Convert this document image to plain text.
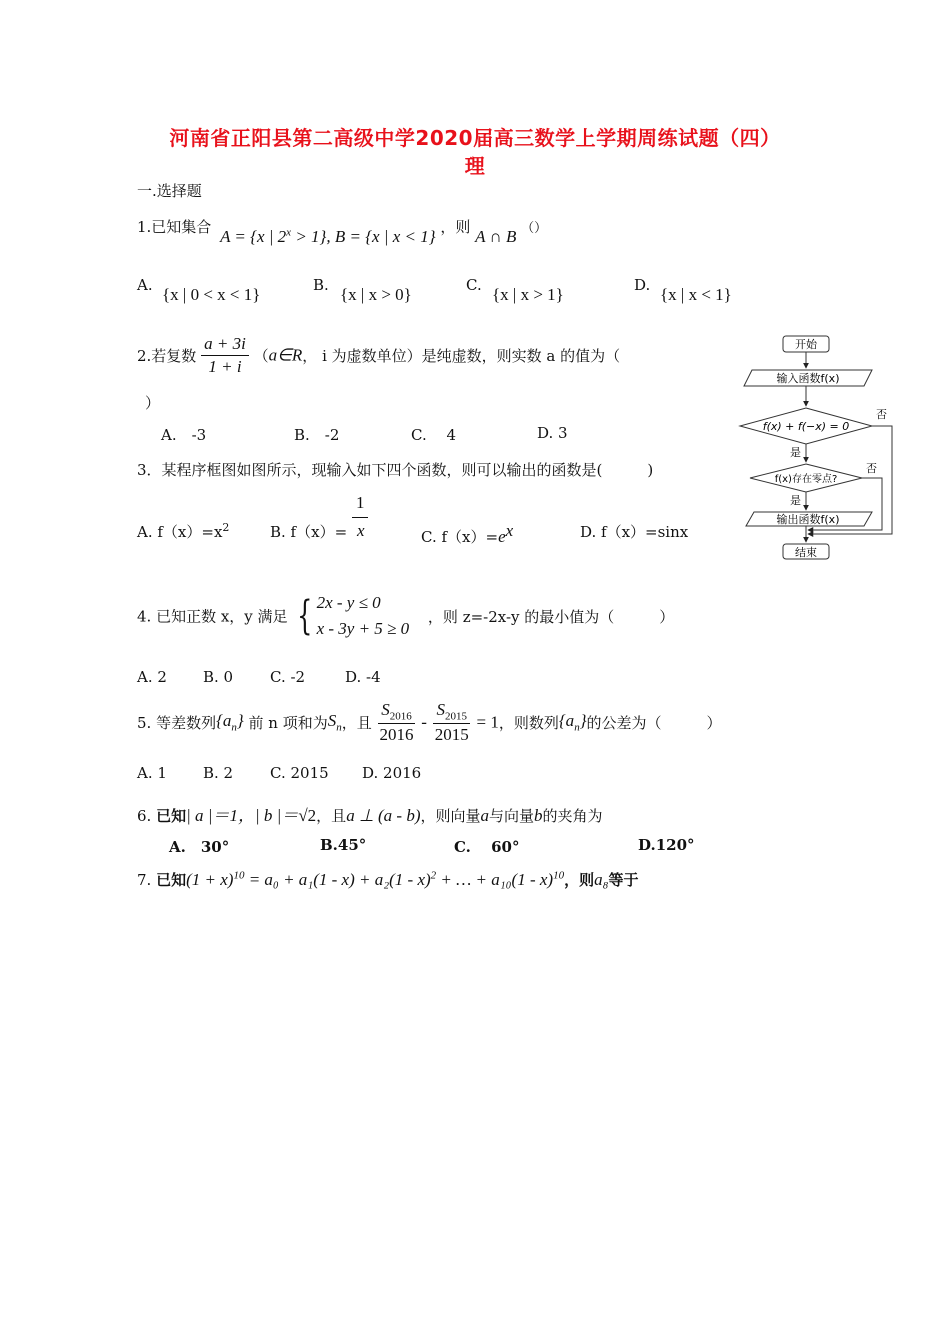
河南省正阳县第二高级中学2020届高三数学上学期周练试题（四）
理
一.选择题
1.已知集合 A = {x | $2^x > 1$}, B = {x | x < 1} ，则 A ∩ B （）
A. {x | 0 < x < 1}	B. {x | x > 0}	C. {x | x > 1}	D. {x | x < 1}
2.若复数 $\frac{a + 3i}{1 + i}$ （a∈R， i 为虚数单位）是纯虚数，则实数 a 的值为（
）
A.　-3	B.　-2	C.　 4	D. 3
3．某程序框图如图所示，现输入如下四个函数，则可以输出的函数是(　　　)
A. $f(x)=x^2$	B. f（x）=
1
x	C. $f(x)=e^x$	D. f（x）=sinx
开始
输入函数f(x)
f(x) + f(−x) = 0
f(x)存在零点?
输出函数f(x)
结束
是
是
否
否
4. 已知正数 x，y 满足 { 2x - y ≤ 0
x - 3y + 5 ≥ 0
，则 z=-2x-y 的最小值为（　　　）
A. 2 B. 0 C. -2	D. -4
5. 等差数列$\{a_n\}$ 前 n 项和为$S_n$，且 $\frac{S_{2016}}{2016} - \frac{S_{2015}}{2015} = 1$，则数列$\{a_n\}$的公差为（　　　）
A. 1 B. 2 C. 2015 D. 2016
6. 已知| a |＝1，| b |＝√2，且a ⊥ (a - b)，则向量a与向量b的夹角为
A.　30°	B.45°	C.　 60°	D.120°
7. 已知$(1 + x)^{10} = a_0 + a_1(1 - x) + a_2(1 - x)^2$ + … + a₁₀(1 - x)$^{10}$，则a₈等于
